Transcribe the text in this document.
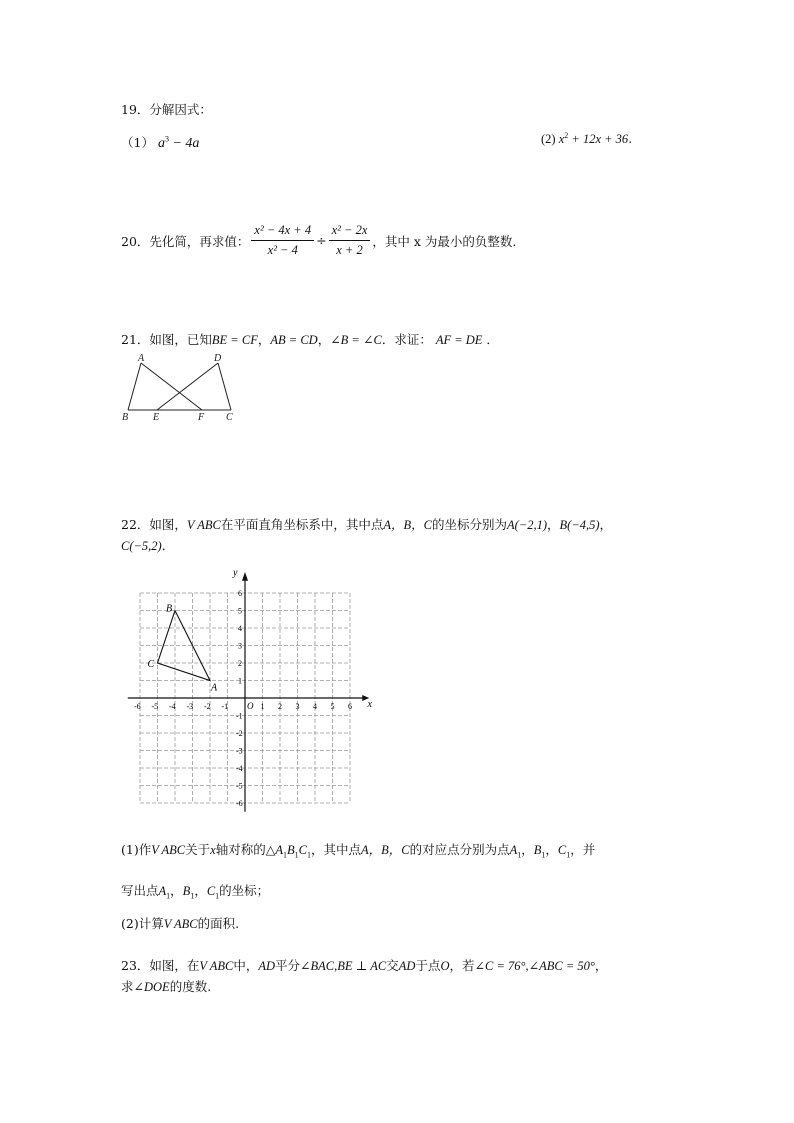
19．分解因式：
（1） $a^3 - 4a$	(2) $x^2 + 12x + 36$.
20．先化简，再求值： $\frac{\text{x² − 4x + 4}}{\text{x² − 4}} \div \frac{\text{x² − 2x}}{x + 2}$ ，其中 x 为最小的负整数.
21．如图，已知BE = CF，AB = CD，∠B = ∠C．求证： AF = DE ．
A	D
B E	F C
22．如图，V ABC在平面直角坐标系中，其中点A，B，C的坐标分别为A(−2,1)，B(−4,5)，
C(−5,2)．
x
y
O
-6 -5 -4 -3 -2 -1	1 2 3 4 5 6
6
5
4
3
2
1
-1
-2
-3
-4
-5
-6
A
B
C
(1)作V ABC关于x轴对称的$\triangle A_1B_1C_1$，其中点A，B，C的对应点分别为点$A_1$，$B_1$，$C_1$，并
写出点$A_1$，$B_1$，$C_1$的坐标；
(2)计算V ABC的面积.
23．如图，在V ABC中，AD平分∠BAC,BE ⊥ AC交AD于点O，若∠C = 76°,∠ABC = 50°，
求∠DOE的度数.
